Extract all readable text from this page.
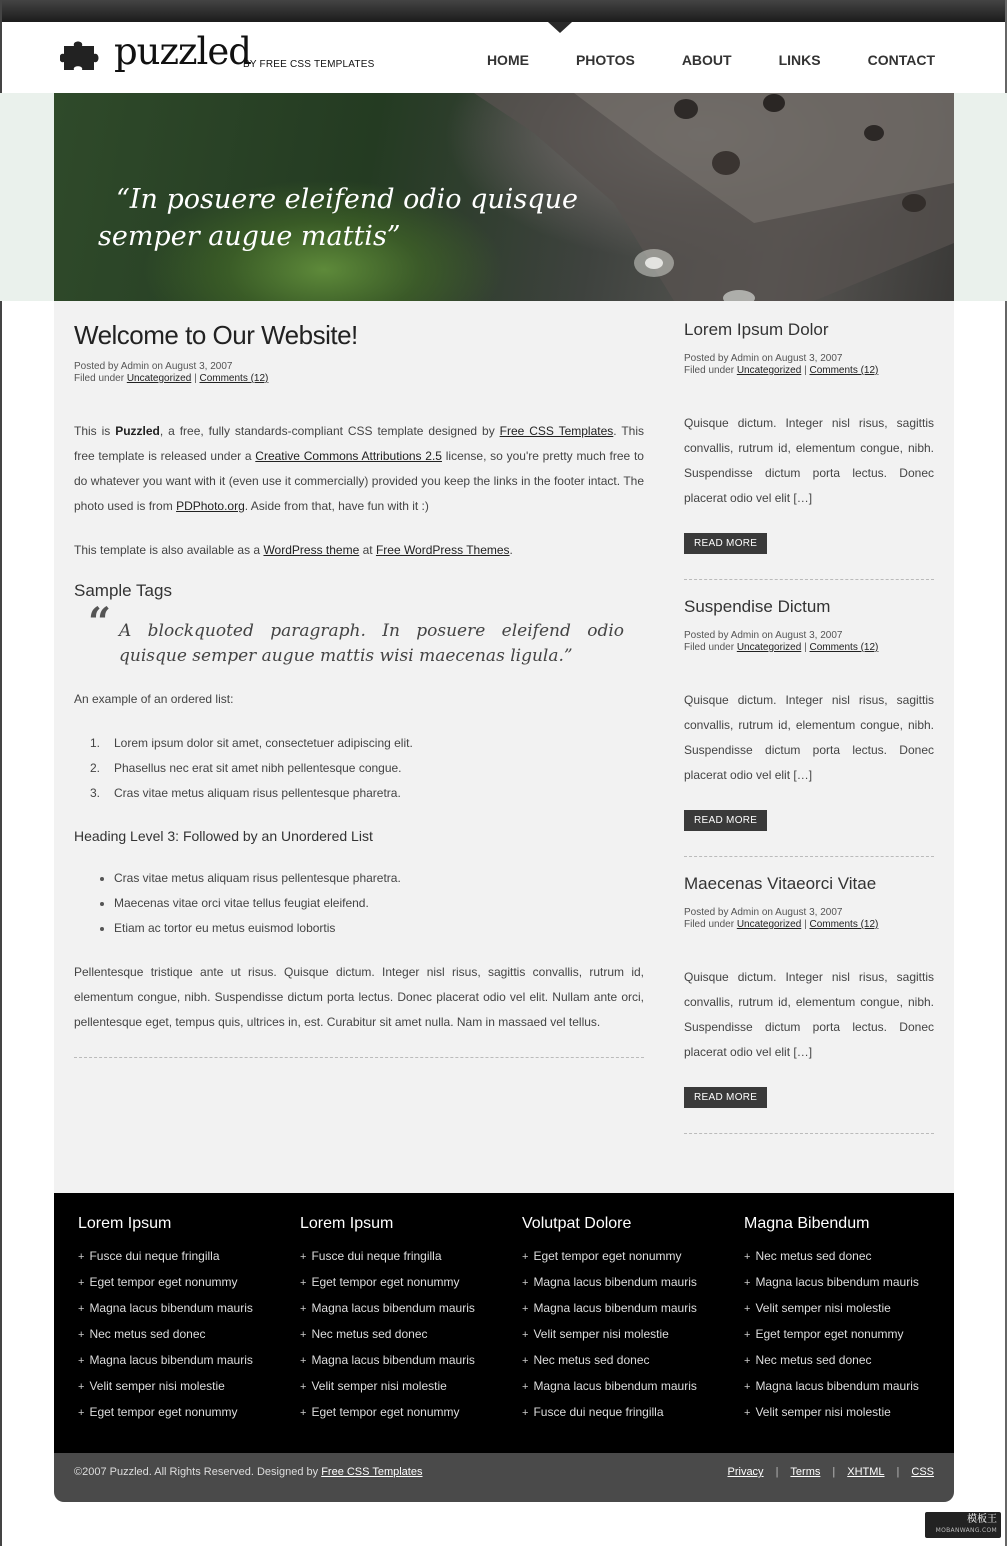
puzzled
BY FREE CSS TEMPLATES	HOME	PHOTOS	ABOUT	LINKS	CONTACT
“In posuere eleifend odio quisque
semper augue mattis”
Welcome to Our Website!
Posted by Admin on August 3, 2007
Filed under Uncategorized | Comments (12)

This is Puzzled, a free, fully standards-compliant CSS template designed by Free CSS Templates. This free template is released under a Creative Commons Attributions 2.5 license, so you're pretty much free to do whatever you want with it (even use it commercially) provided you keep the links in the footer intact. The photo used is from PDPhoto.org. Aside from that, have fun with it :)

This template is also available as a WordPress theme at Free WordPress Themes.

Sample Tags
“ A blockquoted paragraph. In posuere eleifend odio quisque semper augue mattis wisi maecenas ligula.”

An example of an ordered list:

1. Lorem ipsum dolor sit amet, consectetuer adipiscing elit.
2. Phasellus nec erat sit amet nibh pellentesque congue.
3. Cras vitae metus aliquam risus pellentesque pharetra.
Heading Level 3: Followed by an Unordered List
Cras vitae metus aliquam risus pellentesque pharetra.
Maecenas vitae orci vitae tellus feugiat eleifend.
Etiam ac tortor eu metus euismod lobortis

Pellentesque tristique ante ut risus. Quisque dictum. Integer nisl risus, sagittis convallis, rutrum id, elementum congue, nibh. Suspendisse dictum porta lectus. Donec placerat odio vel elit. Nullam ante orci, pellentesque eget, tempus quis, ultrices in, est. Curabitur sit amet nulla. Nam in massaed vel tellus.

Lorem Ipsum Dolor
Posted by Admin on August 3, 2007
Filed under Uncategorized | Comments (12)

Quisque dictum. Integer nisl risus, sagittis convallis, rutrum id, elementum congue, nibh. Suspendisse dictum porta lectus. Donec placerat odio vel elit […]

READ MORE
Suspendise Dictum
Posted by Admin on August 3, 2007
Filed under Uncategorized | Comments (12)

Quisque dictum. Integer nisl risus, sagittis convallis, rutrum id, elementum congue, nibh. Suspendisse dictum porta lectus. Donec placerat odio vel elit […]

READ MORE
Maecenas Vitaeorci Vitae
Posted by Admin on August 3, 2007
Filed under Uncategorized | Comments (12)

Quisque dictum. Integer nisl risus, sagittis convallis, rutrum id, elementum congue, nibh. Suspendisse dictum porta lectus. Donec placerat odio vel elit […]

READ MORE
Lorem Ipsum
+ Fusce dui neque fringilla
+ Eget tempor eget nonummy
+ Magna lacus bibendum mauris
+ Nec metus sed donec
+ Magna lacus bibendum mauris
+ Velit semper nisi molestie
+ Eget tempor eget nonummy
Lorem Ipsum
+ Fusce dui neque fringilla
+ Eget tempor eget nonummy
+ Magna lacus bibendum mauris
+ Nec metus sed donec
+ Magna lacus bibendum mauris
+ Velit semper nisi molestie
+ Eget tempor eget nonummy
Volutpat Dolore
+ Eget tempor eget nonummy
+ Magna lacus bibendum mauris
+ Magna lacus bibendum mauris
+ Velit semper nisi molestie
+ Nec metus sed donec
+ Magna lacus bibendum mauris
+ Fusce dui neque fringilla
Magna Bibendum
+ Nec metus sed donec
+ Magna lacus bibendum mauris
+ Velit semper nisi molestie
+ Eget tempor eget nonummy
+ Nec metus sed donec
+ Magna lacus bibendum mauris
+ Velit semper nisi molestie
©2007 Puzzled. All Rights Reserved. Designed by Free CSS Templates	Privacy | Terms | XHTML | CSS
模板王
MOBANWANG.COM
